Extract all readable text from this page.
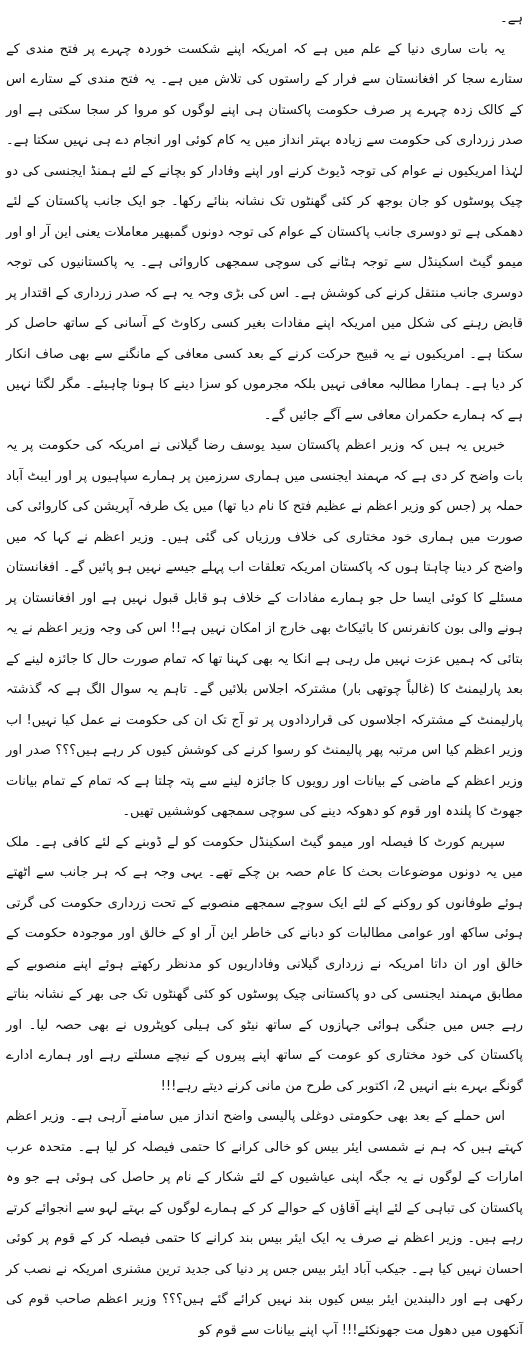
ہے۔

یہ بات ساری دنیا کے علم میں ہے کہ امریکہ اپنے شکست خوردہ چہرے پر فتح مندی کے ستارے سجا کر افغانستان سے فرار کے راستوں کی تلاش میں ہے۔ یہ فتح مندی کے ستارے اس کے کالک زدہ چہرے پر صرف حکومت پاکستان ہی اپنے لوگوں کو مروا کر سجا سکتی ہے اور صدر زرداری کی حکومت سے زیادہ بہتر انداز میں یہ کام کوئی اور انجام دے ہی نہیں سکتا ہے۔ لہٰذا امریکیوں نے عوام کی توجہ ڈیوٹ کرنے اور اپنے وفادار کو بچانے کے لئے ہمنڈ ایجنسی کی دو چیک پوسٹوں کو جان بوجھ کر کئی گھنٹوں تک نشانہ بنائے رکھا۔ جو ایک جانب پاکستان کے لئے دھمکی ہے تو دوسری جانب پاکستان کے عوام کی توجہ دونوں گمبھیر معاملات یعنی این آر او اور میمو گیٹ اسکینڈل سے توجہ ہٹانے کی سوچی سمجھی کاروائی ہے۔ یہ پاکستانیوں کی توجہ دوسری جانب منتقل کرنے کی کوشش ہے۔ اس کی بڑی وجہ یہ ہے کہ صدر زرداری کے اقتدار پر قابض رہنے کی شکل میں امریکہ اپنے مفادات بغیر کسی رکاوٹ کے آسانی کے ساتھ حاصل کر سکتا ہے۔ امریکیوں نے یہ قبیح حرکت کرنے کے بعد کسی معافی کے مانگنے سے بھی صاف انکار کر دیا ہے۔ ہمارا مطالبہ معافی نہیں بلکہ مجرموں کو سزا دینے کا ہونا چاہیئے۔ مگر لگتا نہیں ہے کہ ہمارے حکمران معافی سے آگے جائیں گے۔

خبریں یہ ہیں کہ وزیر اعظم پاکستان سید یوسف رضا گیلانی نے امریکہ کی حکومت پر یہ بات واضح کر دی ہے کہ مہمند ایجنسی میں ہماری سرزمین پر ہمارے سپاہیوں پر اور ایبٹ آباد حملہ پر (جس کو وزیر اعظم نے عظیم فتح کا نام دیا تھا) میں یک طرفہ آپریشن کی کاروائی کی صورت میں ہماری خود مختاری کی خلاف ورزیاں کی گئی ہیں۔ وزیر اعظم نے کہا کہ میں واضح کر دینا چاہتا ہوں کہ پاکستان امریکہ تعلقات اب پہلے جیسے نہیں ہو پائیں گے۔ افغانستان مسئلے کا کوئی ایسا حل جو ہمارے مفادات کے خلاف ہو قابل قبول نہیں ہے اور افغانستان پر ہونے والی بون کانفرنس کا بائیکاٹ بھی خارج از امکان نہیں ہے!! اس کی وجہ وزیر اعظم نے یہ بتائی کہ ہمیں عزت نہیں مل رہی ہے انکا یہ بھی کہنا تھا کہ تمام صورت حال کا جائزہ لینے کے بعد پارلیمنٹ کا (غالباً چوتھی بار) مشترکہ اجلاس بلائیں گے۔ تاہم یہ سوال الگ ہے کہ گذشتہ پارلیمنٹ کے مشترکہ اجلاسوں کی قراردادوں پر تو آج تک ان کی حکومت نے عمل کیا نہیں! اب وزیر اعظم کیا اس مرتبہ پھر پالیمنٹ کو رسوا کرنے کی کوشش کیوں کر رہے ہیں؟؟؟ صدر اور وزیر اعظم کے ماضی کے بیانات اور رویوں کا جائزہ لینے سے پتہ چلتا ہے کہ تمام کے تمام بیانات جھوٹ کا پلندہ اور قوم کو دھوکہ دینے کی سوچی سمجھی کوششیں تھیں۔

سپریم کورٹ کا فیصلہ اور میمو گیٹ اسکینڈل حکومت کو لے ڈوبنے کے لئے کافی ہے۔ ملک میں یہ دونوں موضوعات بحث کا عام حصہ بن چکے تھے۔ یہی وجہ ہے کہ ہر جانب سے اٹھتے ہوئے طوفانوں کو روکنے کے لئے ایک سوچے سمجھے منصوبے کے تحت زرداری حکومت کی گرتی ہوئی ساکھ اور عوامی مطالبات کو دبانے کی خاطر این آر او کے خالق اور موجودہ حکومت کے خالق اور ان داتا امریکہ نے زرداری گیلانی وفاداریوں کو مدنظر رکھتے ہوئے اپنے منصوبے کے مطابق مہمند ایجنسی کی دو پاکستانی چیک پوسٹوں کو کئی گھنٹوں تک جی بھر کے نشانہ بناتے رہے جس میں جنگی ہوائی جہازوں کے ساتھ نیٹو کی ہیلی کوپٹروں نے بھی حصہ لیا۔ اور پاکستان کی خود مختاری کو عومت کے ساتھ اپنے پیروں کے نیچے مسلتے رہے اور ہمارے ادارے گونگے بہرے بنے انہیں 2، اکتوبر کی طرح من مانی کرنے دیتے رہے!!!

اس حملے کے بعد بھی حکومتی دوغلی پالیسی واضح انداز میں سامنے آرہی ہے۔ وزیر اعظم کہتے ہیں کہ ہم نے شمسی ایئر بیس کو خالی کرانے کا حتمی فیصلہ کر لیا ہے۔ متحدہ عرب امارات کے لوگوں نے یہ جگہ اپنی عیاشیوں کے لئے شکار کے نام پر حاصل کی ہوئی ہے جو وہ پاکستان کی تباہی کے لئے اپنے آقاؤں کے حوالے کر کے ہمارے لوگوں کے بہتے لہو سے انجوائے کرتے رہے ہیں۔ وزیر اعظم نے صرف یہ ایک ایئر بیس بند کرانے کا حتمی فیصلہ کر کے قوم پر کوئی احسان نہیں کیا ہے۔ جیکب آباد ایئر بیس جس پر دنیا کی جدید ترین مشنری امریکہ نے نصب کر رکھی ہے اور دالبندین ایئر بیس کیوں بند نہیں کرائے گئے ہیں؟؟؟ وزیر اعظم صاحب قوم کی آنکھوں میں دھول مت جھونکئے!!! آپ اپنے بیانات سے قوم کو
